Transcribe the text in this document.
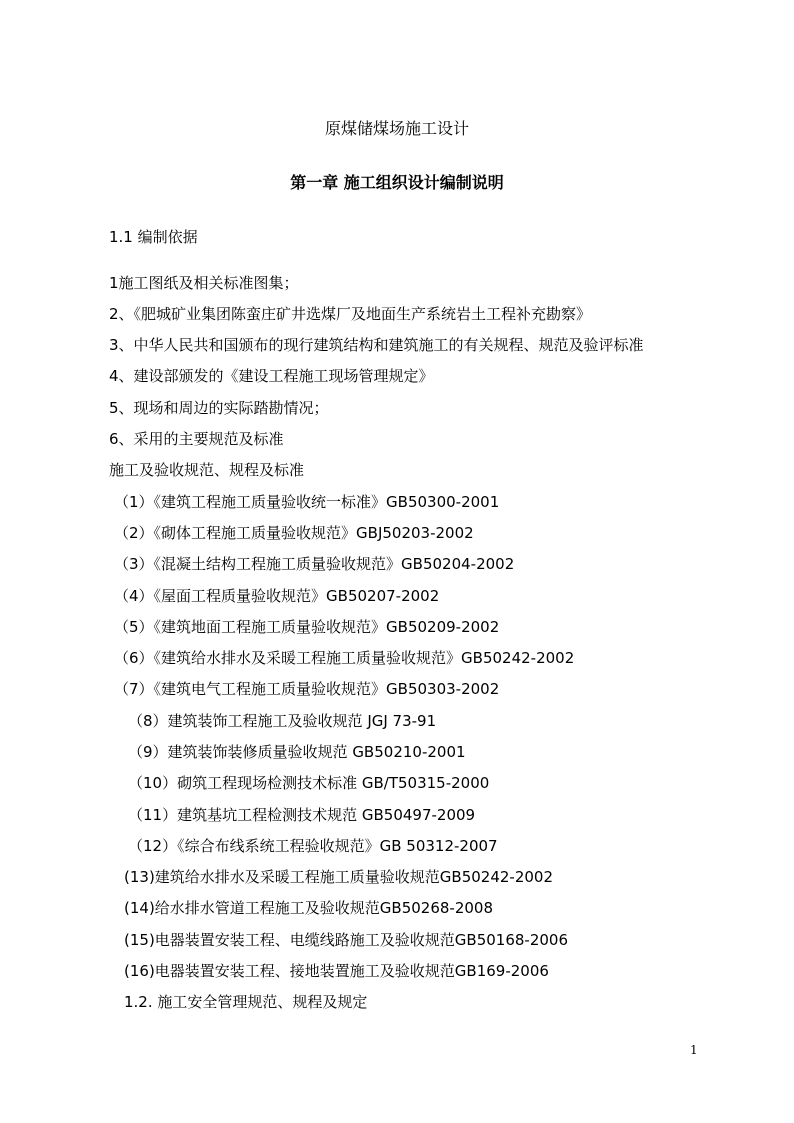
原煤储煤场施工设计
第一章 施工组织设计编制说明
1.1 编制依据
1施工图纸及相关标准图集；
2、《肥城矿业集团陈蛮庄矿井选煤厂及地面生产系统岩土工程补充勘察》
3、中华人民共和国颁布的现行建筑结构和建筑施工的有关规程、规范及验评标准
4、建设部颁发的《建设工程施工现场管理规定》
5、现场和周边的实际踏勘情况；
6、采用的主要规范及标准
施工及验收规范、规程及标准
（1）《建筑工程施工质量验收统一标准》GB50300-2001
（2）《砌体工程施工质量验收规范》GBJ50203-2002
（3）《混凝土结构工程施工质量验收规范》GB50204-2002
（4）《屋面工程质量验收规范》GB50207-2002
（5）《建筑地面工程施工质量验收规范》GB50209-2002
（6）《建筑给水排水及采暖工程施工质量验收规范》GB50242-2002
（7）《建筑电气工程施工质量验收规范》GB50303-2002
（8）建筑装饰工程施工及验收规范 JGJ 73-91
（9）建筑装饰装修质量验收规范 GB50210-2001
（10）砌筑工程现场检测技术标准 GB/T50315-2000
（11）建筑基坑工程检测技术规范 GB50497-2009
（12）《综合布线系统工程验收规范》GB 50312-2007
(13)建筑给水排水及采暖工程施工质量验收规范GB50242-2002
(14)给水排水管道工程施工及验收规范GB50268-2008
(15)电器装置安装工程、电缆线路施工及验收规范GB50168-2006
(16)电器装置安装工程、接地装置施工及验收规范GB169-2006
1.2. 施工安全管理规范、规程及规定
1
